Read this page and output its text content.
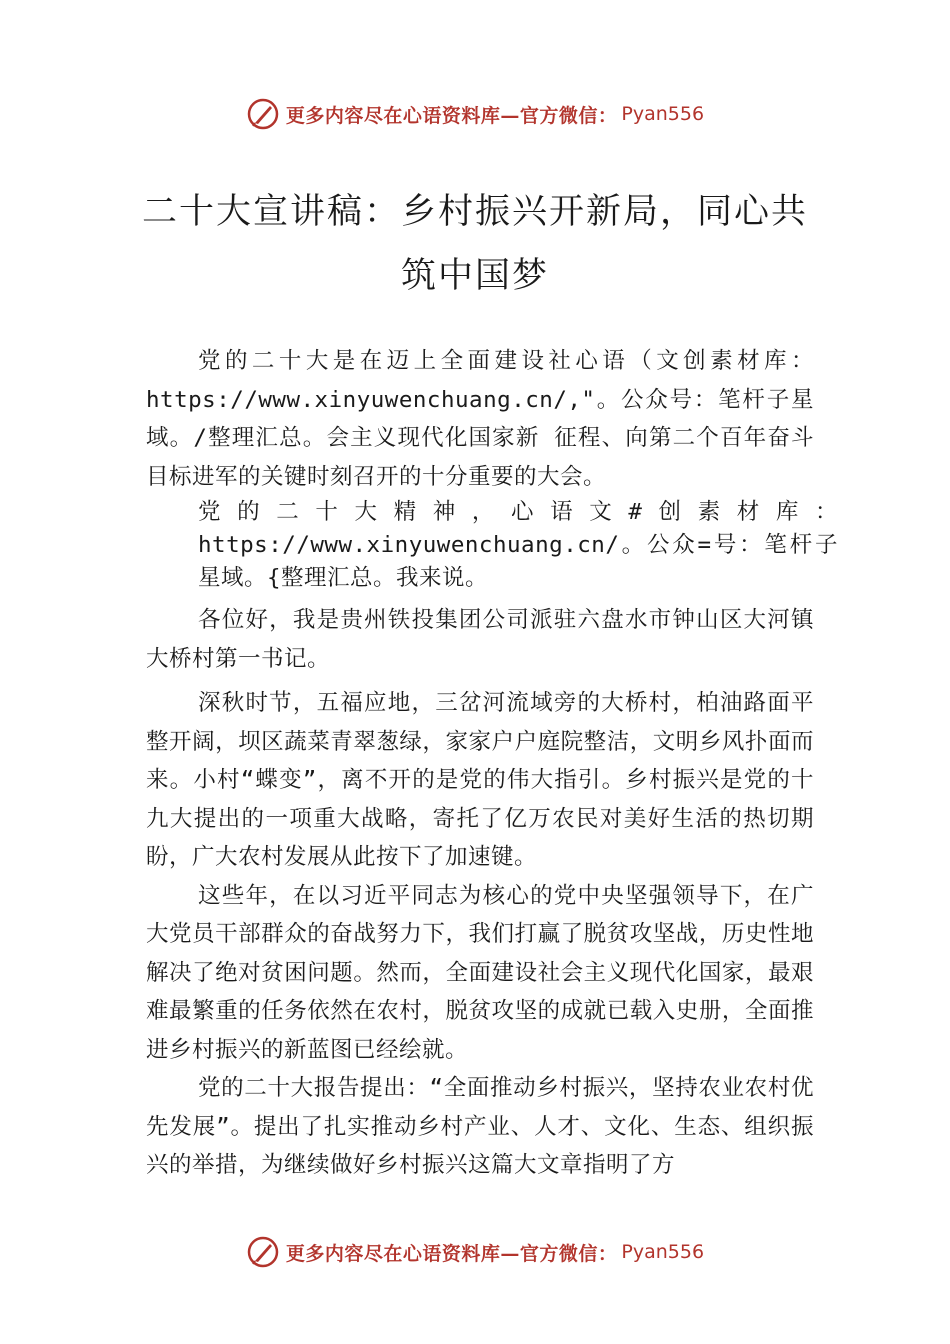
更多内容尽在心语资料库—官方微信： Pyan556
二十大宣讲稿：乡村振兴开新局，同心共
筑中国梦

党的二十大是在迈上全面建设社心语（文创素材库：https://www.xinyuwenchuang.cn/,"。公众号：笔杆子星域。/整理汇总。会主义现代化国家新 征程、向第二个百年奋斗目标进军的关键时刻召开的十分重要的大会。

党的二十大精神，心语文#创素材库：https://www.xinyuwenchuang.cn/。公众=号：笔杆子星域。{整理汇总。我来说。

各位好，我是贵州铁投集团公司派驻六盘水市钟山区大河镇大桥村第一书记。

深秋时节，五福应地，三岔河流域旁的大桥村，柏油路面平整开阔，坝区蔬菜青翠葱绿，家家户户庭院整洁，文明乡风扑面而来。小村“蝶变”，离不开的是党的伟大指引。乡村振兴是党的十九大提出的一项重大战略，寄托了亿万农民对美好生活的热切期盼，广大农村发展从此按下了加速键。

这些年，在以习近平同志为核心的党中央坚强领导下，在广大党员干部群众的奋战努力下，我们打赢了脱贫攻坚战，历史性地解决了绝对贫困问题。然而，全面建设社会主义现代化国家，最艰难最繁重的任务依然在农村，脱贫攻坚的成就已载入史册，全面推进乡村振兴的新蓝图已经绘就。

党的二十大报告提出：“全面推动乡村振兴，坚持农业农村优先发展”。提出了扎实推动乡村产业、人才、文化、生态、组织振兴的举措，为继续做好乡村振兴这篇大文章指明了方

更多内容尽在心语资料库—官方微信： Pyan556
